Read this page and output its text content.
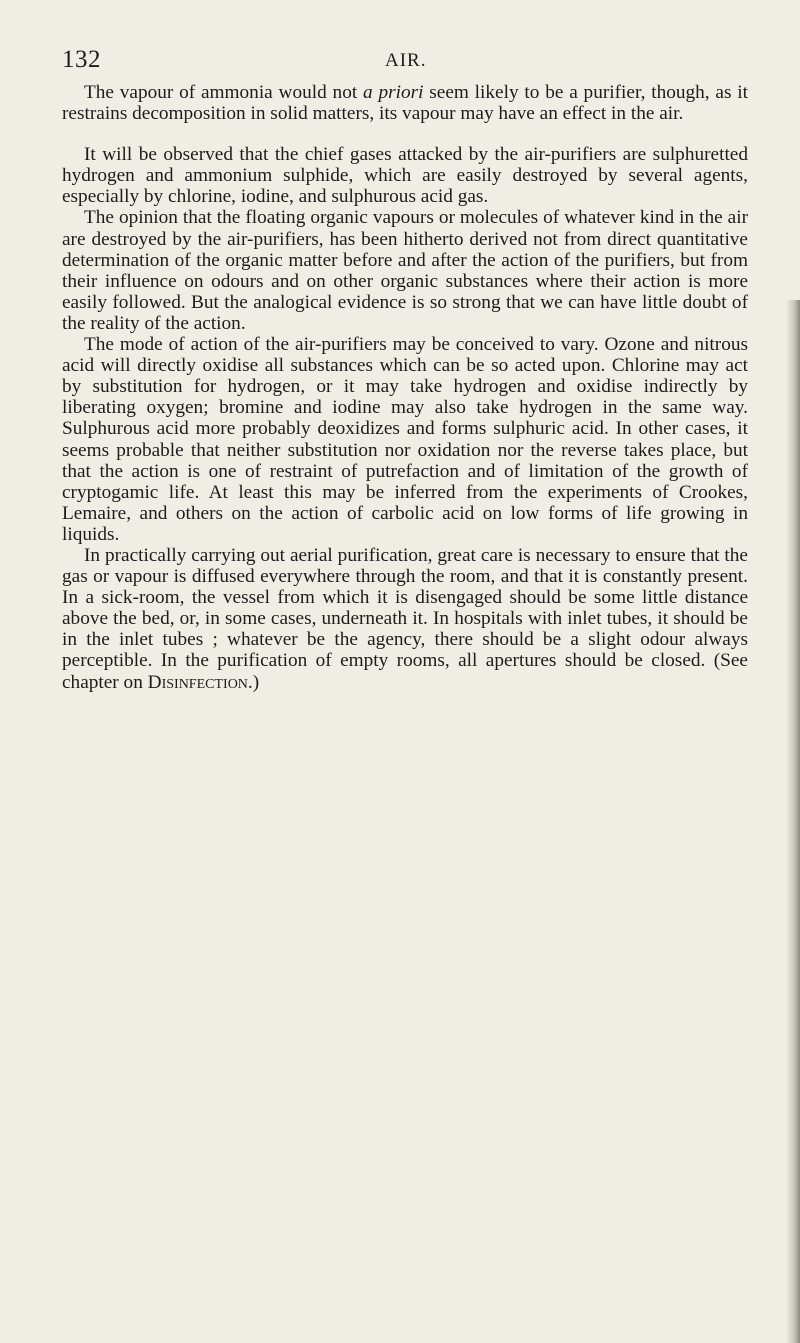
132	AIR.

The vapour of ammonia would not a priori seem likely to be a purifier, though, as it restrains decomposition in solid matters, its vapour may have an effect in the air.

It will be observed that the chief gases attacked by the air-purifiers are sulphuretted hydrogen and ammonium sulphide, which are easily destroyed by several agents, especially by chlorine, iodine, and sulphurous acid gas.

The opinion that the floating organic vapours or molecules of whatever kind in the air are destroyed by the air-purifiers, has been hitherto derived not from direct quantitative determination of the organic matter before and after the action of the purifiers, but from their influence on odours and on other organic substances where their action is more easily followed. But the analogical evidence is so strong that we can have little doubt of the reality of the action.

The mode of action of the air-purifiers may be conceived to vary. Ozone and nitrous acid will directly oxidise all substances which can be so acted upon. Chlorine may act by substitution for hydrogen, or it may take hydrogen and oxidise indirectly by liberating oxygen; bromine and iodine may also take hydrogen in the same way. Sulphurous acid more probably deoxidizes and forms sulphuric acid. In other cases, it seems probable that neither substitution nor oxidation nor the reverse takes place, but that the action is one of restraint of putrefaction and of limitation of the growth of cryptogamic life. At least this may be inferred from the experiments of Crookes, Lemaire, and others on the action of carbolic acid on low forms of life growing in liquids.

In practically carrying out aerial purification, great care is necessary to ensure that the gas or vapour is diffused everywhere through the room, and that it is constantly present. In a sick-room, the vessel from which it is disengaged should be some little distance above the bed, or, in some cases, underneath it. In hospitals with inlet tubes, it should be in the inlet tubes ; whatever be the agency, there should be a slight odour always perceptible. In the purification of empty rooms, all apertures should be closed. (See chapter on Disinfection.)
